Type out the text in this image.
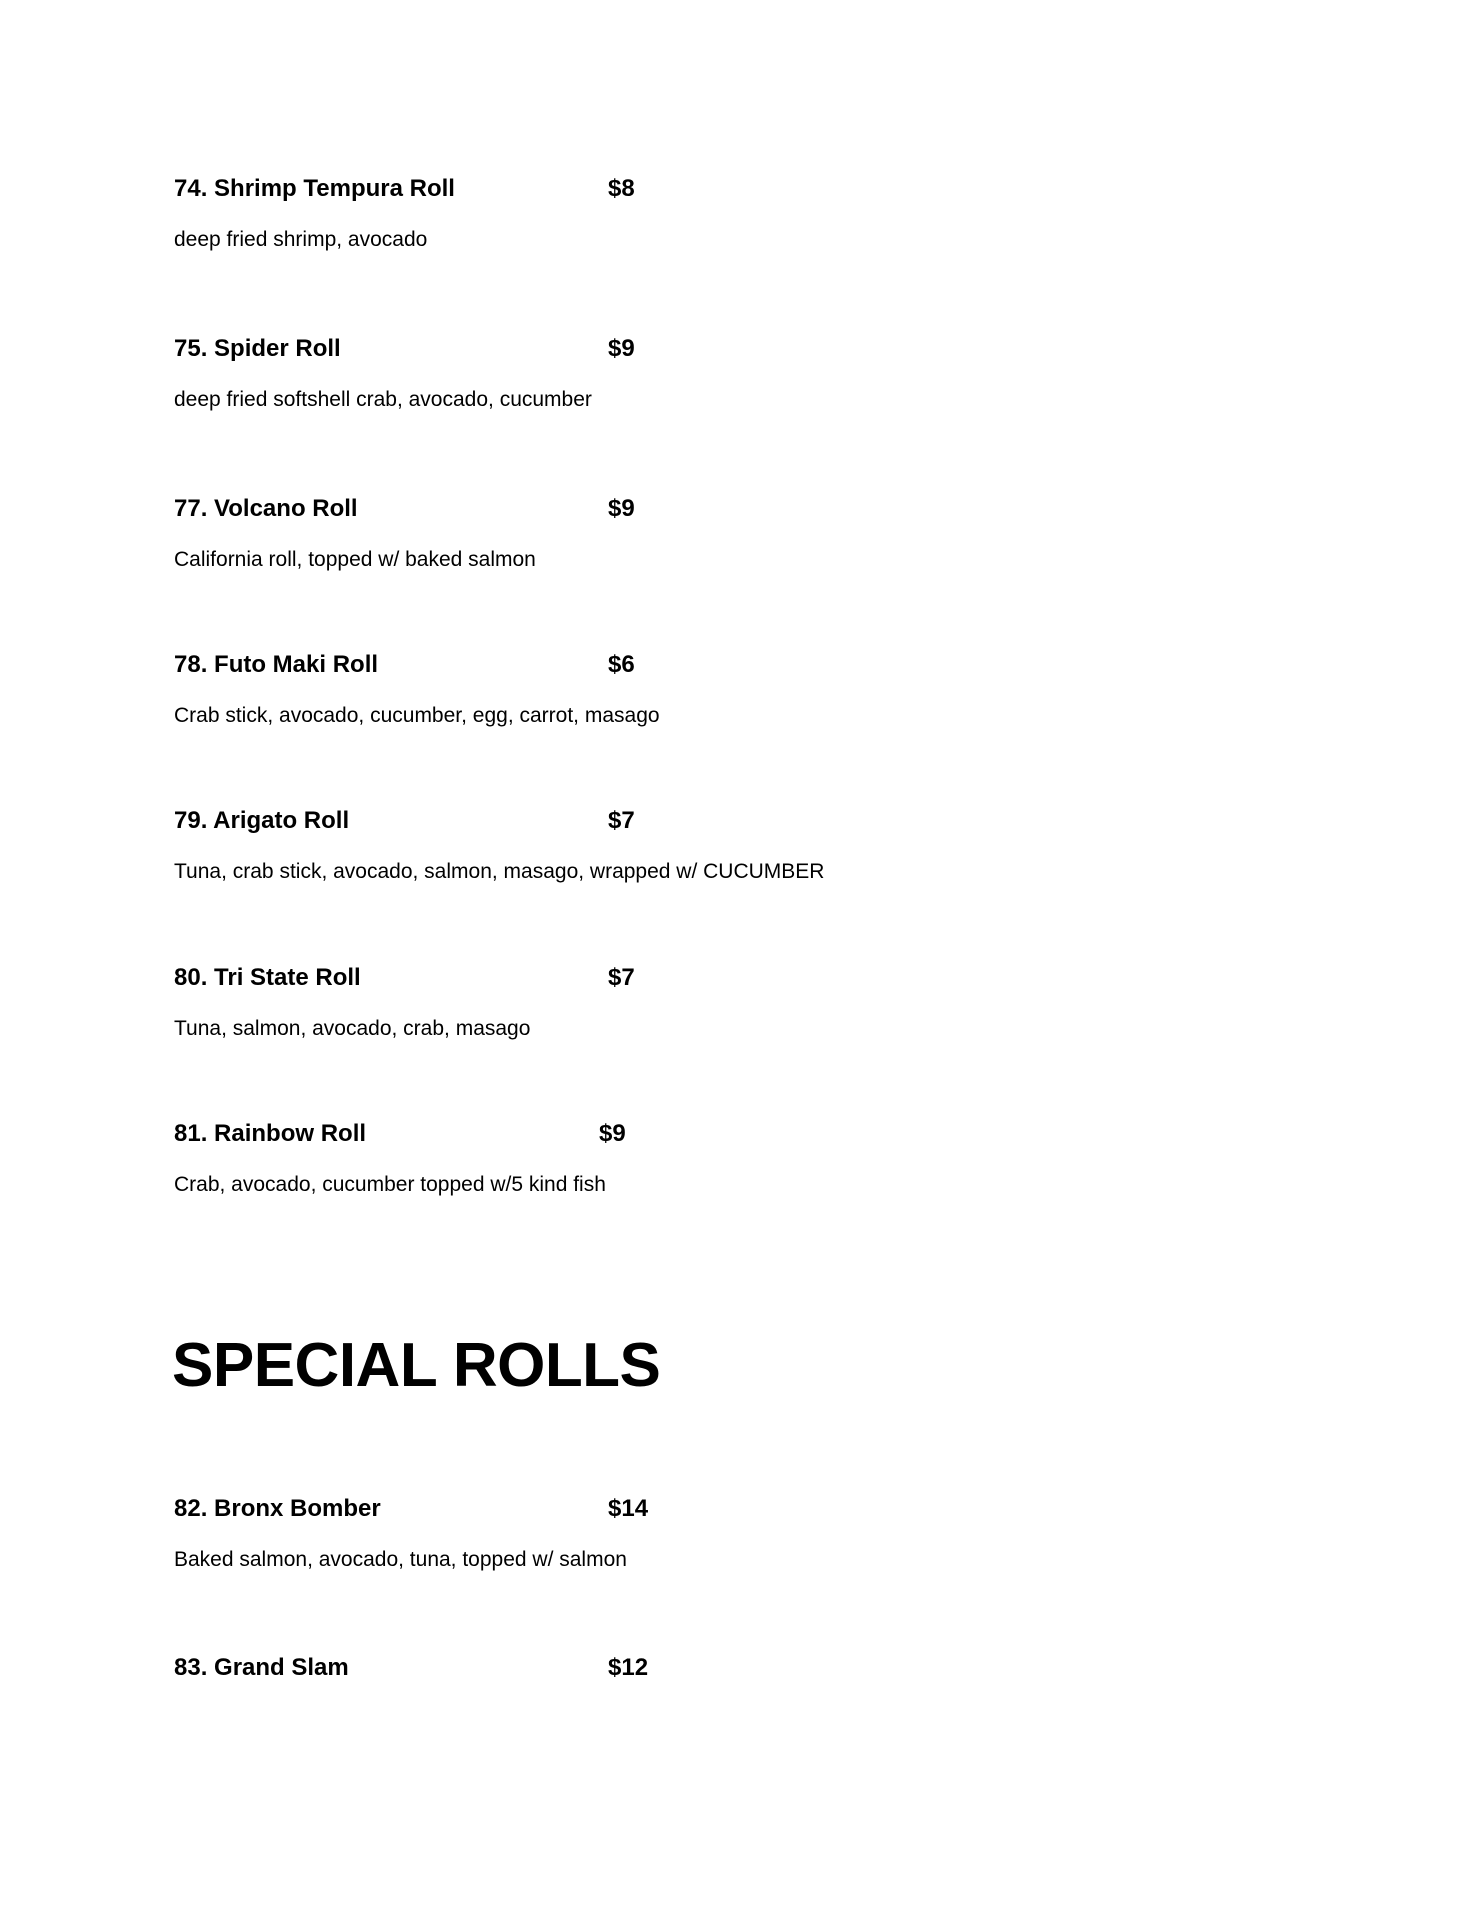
74. Shrimp Tempura Roll	$8
deep fried shrimp, avocado
75. Spider Roll	$9
deep fried softshell crab, avocado, cucumber
77. Volcano Roll	$9
California roll, topped w/ baked salmon
78. Futo Maki Roll	$6
Crab stick, avocado, cucumber, egg, carrot, masago
79. Arigato Roll	$7
Tuna, crab stick, avocado, salmon, masago, wrapped w/ CUCUMBER
80. Tri State Roll	$7
Tuna, salmon, avocado, crab, masago
81. Rainbow Roll	$9
Crab, avocado, cucumber topped w/5 kind fish
SPECIAL ROLLS
82. Bronx Bomber	$14
Baked salmon, avocado, tuna, topped w/ salmon
83. Grand Slam	$12
